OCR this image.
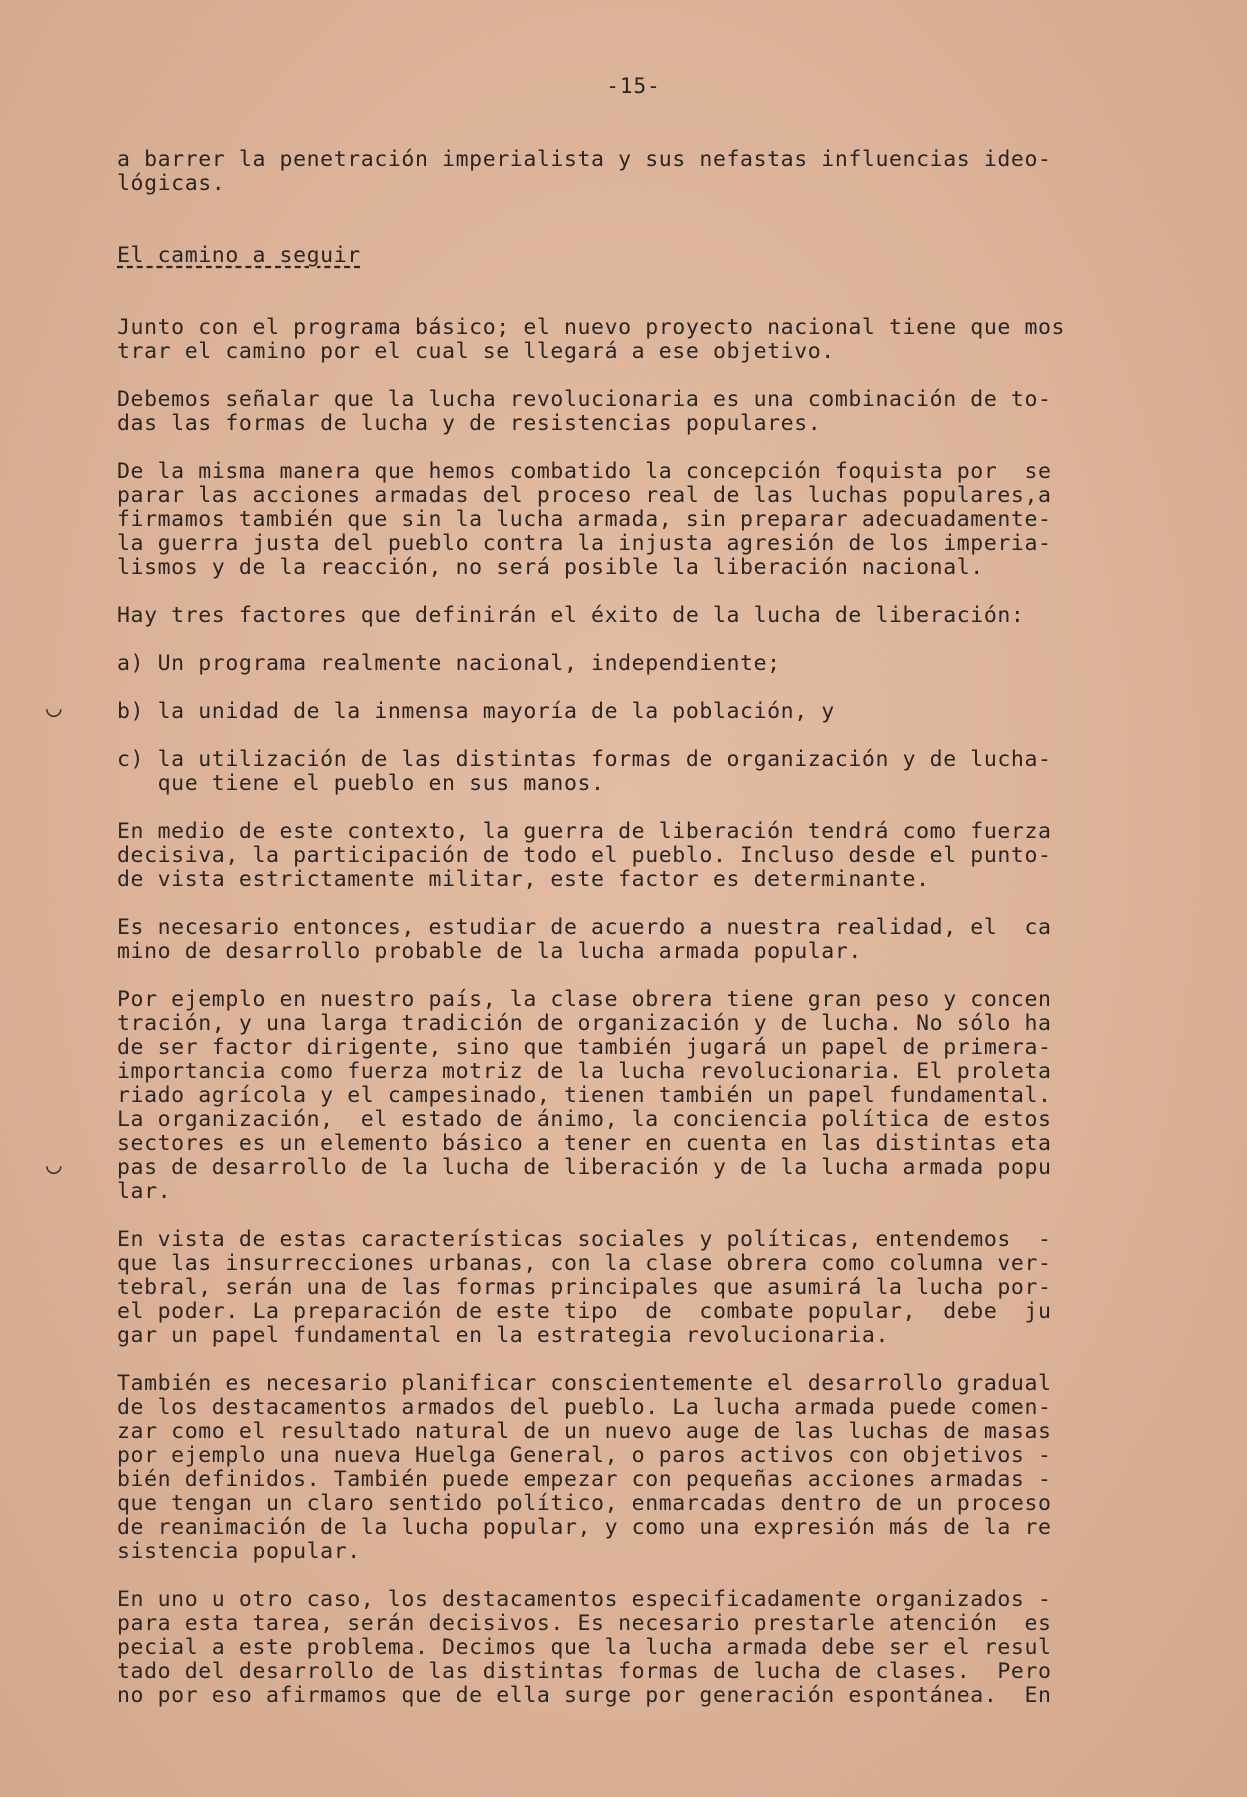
-15-
a barrer la penetración imperialista y sus nefastas influencias ideo-
lógicas.
El camino a seguir
Junto con el programa básico; el nuevo proyecto nacional tiene que mos
trar el camino por el cual se llegará a ese objetivo.
Debemos señalar que la lucha revolucionaria es una combinación de to-
das las formas de lucha y de resistencias populares.
De la misma manera que hemos combatido la concepción foquista por  se
parar las acciones armadas del proceso real de las luchas populares,a
firmamos también que sin la lucha armada, sin preparar adecuadamente-
la guerra justa del pueblo contra la injusta agresión de los imperia-
lismos y de la reacción, no será posible la liberación nacional.
Hay tres factores que definirán el éxito de la lucha de liberación:
a) Un programa realmente nacional, independiente;
b) la unidad de la inmensa mayoría de la población, y
c) la utilización de las distintas formas de organización y de lucha-
que tiene el pueblo en sus manos.
En medio de este contexto, la guerra de liberación tendrá como fuerza
decisiva, la participación de todo el pueblo. Incluso desde el punto-
de vista estrictamente militar, este factor es determinante.
Es necesario entonces, estudiar de acuerdo a nuestra realidad, el  ca
mino de desarrollo probable de la lucha armada popular.
Por ejemplo en nuestro país, la clase obrera tiene gran peso y concen
tración, y una larga tradición de organización y de lucha. No sólo ha
de ser factor dirigente, sino que también jugará un papel de primera-
importancia como fuerza motriz de la lucha revolucionaria. El proleta
riado agrícola y el campesinado, tienen también un papel fundamental.
La organización,  el estado de ánimo, la conciencia política de estos
sectores es un elemento básico a tener en cuenta en las distintas eta
pas de desarrollo de la lucha de liberación y de la lucha armada popu
lar.
En vista de estas características sociales y políticas, entendemos  -
que las insurrecciones urbanas, con la clase obrera como columna ver-
tebral, serán una de las formas principales que asumirá la lucha por-
el poder. La preparación de este tipo  de  combate popular,  debe  ju
gar un papel fundamental en la estrategia revolucionaria.
También es necesario planificar conscientemente el desarrollo gradual
de los destacamentos armados del pueblo. La lucha armada puede comen-
zar como el resultado natural de un nuevo auge de las luchas de masas
por ejemplo una nueva Huelga General, o paros activos con objetivos -
bién definidos. También puede empezar con pequeñas acciones armadas -
que tengan un claro sentido político, enmarcadas dentro de un proceso
de reanimación de la lucha popular, y como una expresión más de la re
sistencia popular.
En uno u otro caso, los destacamentos especificadamente organizados -
para esta tarea, serán decisivos. Es necesario prestarle atención  es
pecial a este problema. Decimos que la lucha armada debe ser el resul
tado del desarrollo de las distintas formas de lucha de clases.  Pero
no por eso afirmamos que de ella surge por generación espontánea.  En
◡
◡
